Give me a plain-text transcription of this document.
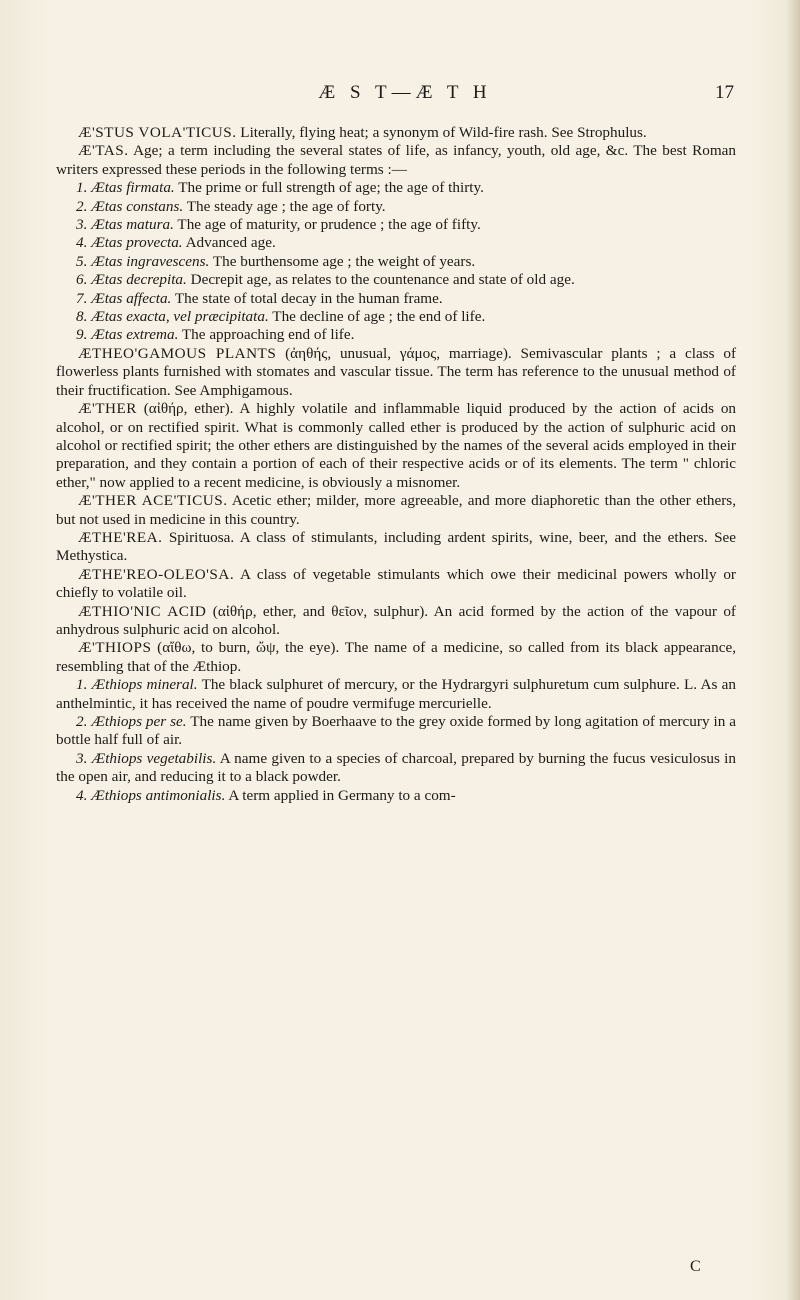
Æ S T—Æ T H	17

Æ'STUS VOLA'TICUS. Literally, flying heat; a synonym of Wild-fire rash. See Strophulus.

Æ'TAS. Age; a term including the several states of life, as infancy, youth, old age, &c. The best Roman writers expressed these periods in the following terms :—

1. Ætas firmata. The prime or full strength of age; the age of thirty.

2. Ætas constans. The steady age ; the age of forty.

3. Ætas matura. The age of maturity, or prudence ; the age of fifty.

4. Ætas provecta. Advanced age.

5. Ætas ingravescens. The burthensome age ; the weight of years.

6. Ætas decrepita. Decrepit age, as relates to the countenance and state of old age.

7. Ætas affecta. The state of total decay in the human frame.

8. Ætas exacta, vel præcipitata. The decline of age ; the end of life.

9. Ætas extrema. The approaching end of life.

ÆTHEO'GAMOUS PLANTS (ἀηθής, unusual, γάμος, marriage). Semivascular plants ; a class of flowerless plants furnished with stomates and vascular tissue. The term has reference to the unusual method of their fructification. See Amphigamous.

Æ'THER (αἰθήρ, ether). A highly volatile and inflammable liquid produced by the action of acids on alcohol, or on rectified spirit. What is commonly called ether is produced by the action of sulphuric acid on alcohol or rectified spirit; the other ethers are distinguished by the names of the several acids employed in their preparation, and they contain a portion of each of their respective acids or of its elements. The term " chloric ether," now applied to a recent medicine, is obviously a misnomer.

Æ'THER ACE'TICUS. Acetic ether; milder, more agreeable, and more diaphoretic than the other ethers, but not used in medicine in this country.

ÆTHE'REA. Spirituosa. A class of stimulants, including ardent spirits, wine, beer, and the ethers. See Methystica.

ÆTHE'REO-OLEO'SA. A class of vegetable stimulants which owe their medicinal powers wholly or chiefly to volatile oil.

ÆTHIO'NIC ACID (αἰθήρ, ether, and θεῖον, sulphur). An acid formed by the action of the vapour of anhydrous sulphuric acid on alcohol.

Æ'THIOPS (αἴθω, to burn, ὤψ, the eye). The name of a medicine, so called from its black appearance, resembling that of the Æthiop.

1. Æthiops mineral. The black sulphuret of mercury, or the Hydrargyri sulphuretum cum sulphure. L. As an anthelmintic, it has received the name of poudre vermifuge mercurielle.

2. Æthiops per se. The name given by Boerhaave to the grey oxide formed by long agitation of mercury in a bottle half full of air.

3. Æthiops vegetabilis. A name given to a species of charcoal, prepared by burning the fucus vesiculosus in the open air, and reducing it to a black powder.

4. Æthiops antimonialis. A term applied in Germany to a com-

C
